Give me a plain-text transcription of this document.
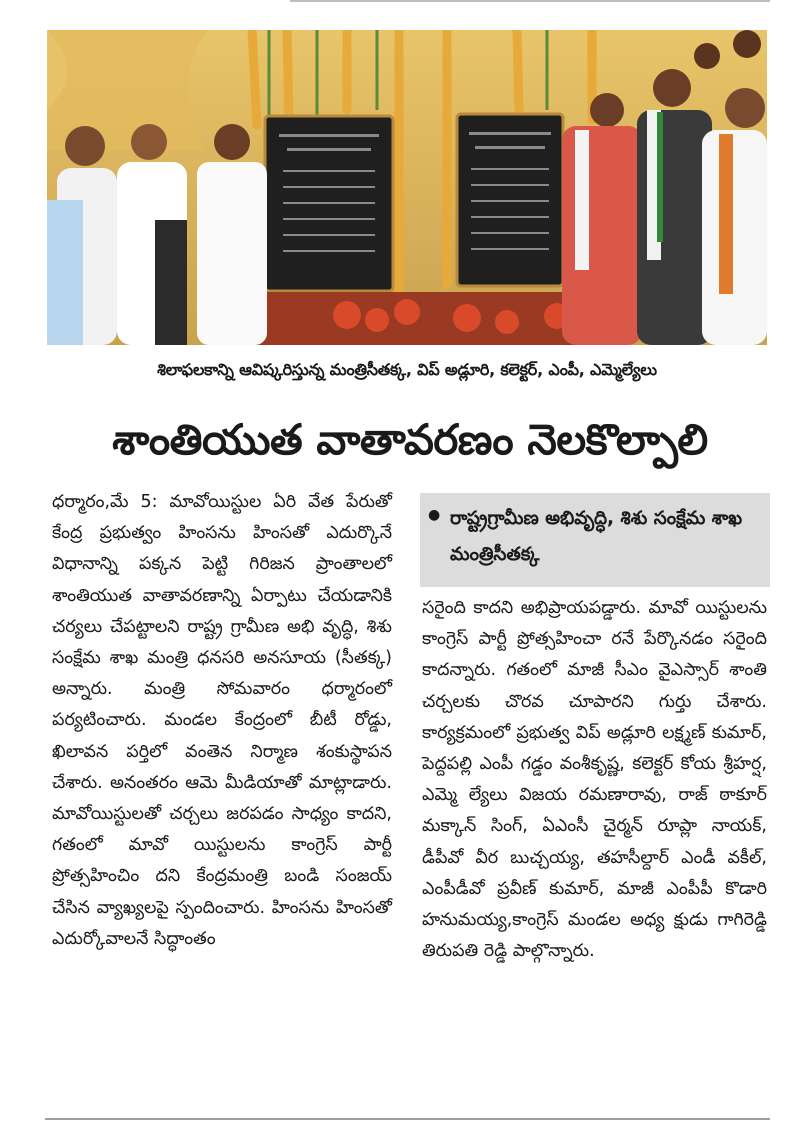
శిలాఫలకాన్ని ఆవిష్కరిస్తున్న మంత్రిసీతక్క, విప్ అడ్లూరి, కలెక్టర్, ఎంపీ, ఎమ్మెల్యేలు
శాంతియుత వాతావరణం నెలకొల్పాలి

ధర్మారం,మే 5: మావోయిస్టుల ఏరి వేత పేరుతో కేంద్ర ప్రభుత్వం హింసను హింసతో ఎదుర్కొనే విధానాన్ని పక్కన పెట్టి గిరిజన ప్రాంతాలలో శాంతియుత వాతావరణాన్ని ఏర్పాటు చేయడానికి చర్యలు చేపట్టాలని రాష్ట్ర గ్రామీణ అభి వృద్ధి, శిశు సంక్షేమ శాఖ మంత్రి ధనసరి అనసూయ (సీతక్క) అన్నారు. మంత్రి సోమవారం ధర్మారంలో పర్యటించారు. మండల కేంద్రంలో బీటీ రోడ్డు, ఖిలావన పర్తిలో వంతెన నిర్మాణ శంకుస్థాపన చేశారు. అనంతరం ఆమె మీడియాతో మాట్లాడారు. మావోయిస్టులతో చర్చలు జరపడం సాధ్యం కాదని, గతంలో మావో యిస్టులను కాంగ్రెస్ పార్టీ ప్రోత్సహించిం దని కేంద్రమంత్రి బండి సంజయ్ చేసిన వ్యాఖ్యలపై స్పందించారు. హింసను హింసతో ఎదుర్కోవాలనే సిద్ధాంతం

● రాష్ట్రగ్రామీణ అభివృద్ధి, శిశు సంక్షేమ శాఖ మంత్రిసీతక్క

సరైంది కాదని అభిప్రాయపడ్డారు. మావో యిస్టులను కాంగ్రెస్ పార్టీ ప్రోత్సహించా రనే పేర్కొనడం సరైంది కాదన్నారు. గతంలో మాజీ సీఎం వైఎస్సార్ శాంతి చర్చలకు చొరవ చూపారని గుర్తు చేశారు. కార్యక్రమంలో ప్రభుత్వ విప్ అడ్లూరి లక్ష్మణ్ కుమార్, పెద్దపల్లి ఎంపీ గడ్డం వంశీకృష్ణ, కలెక్టర్ కోయ శ్రీహర్ష, ఎమ్మె ల్యేలు విజయ రమణారావు, రాజ్ ఠాకూర్ మక్కాన్ సింగ్, ఏఎంసీ చైర్మన్ రూప్లా నాయక్, డీపీవో వీర బుచ్చయ్య, తహసీల్దార్ ఎండీ వకీల్, ఎంపీడీవో ప్రవీణ్ కుమార్, మాజీ ఎంపీపీ కొడారి హనుమయ్య,కాంగ్రెస్ మండల అధ్య క్షుడు గాగిరెడ్డి తిరుపతి రెడ్డి పాల్గొన్నారు.
